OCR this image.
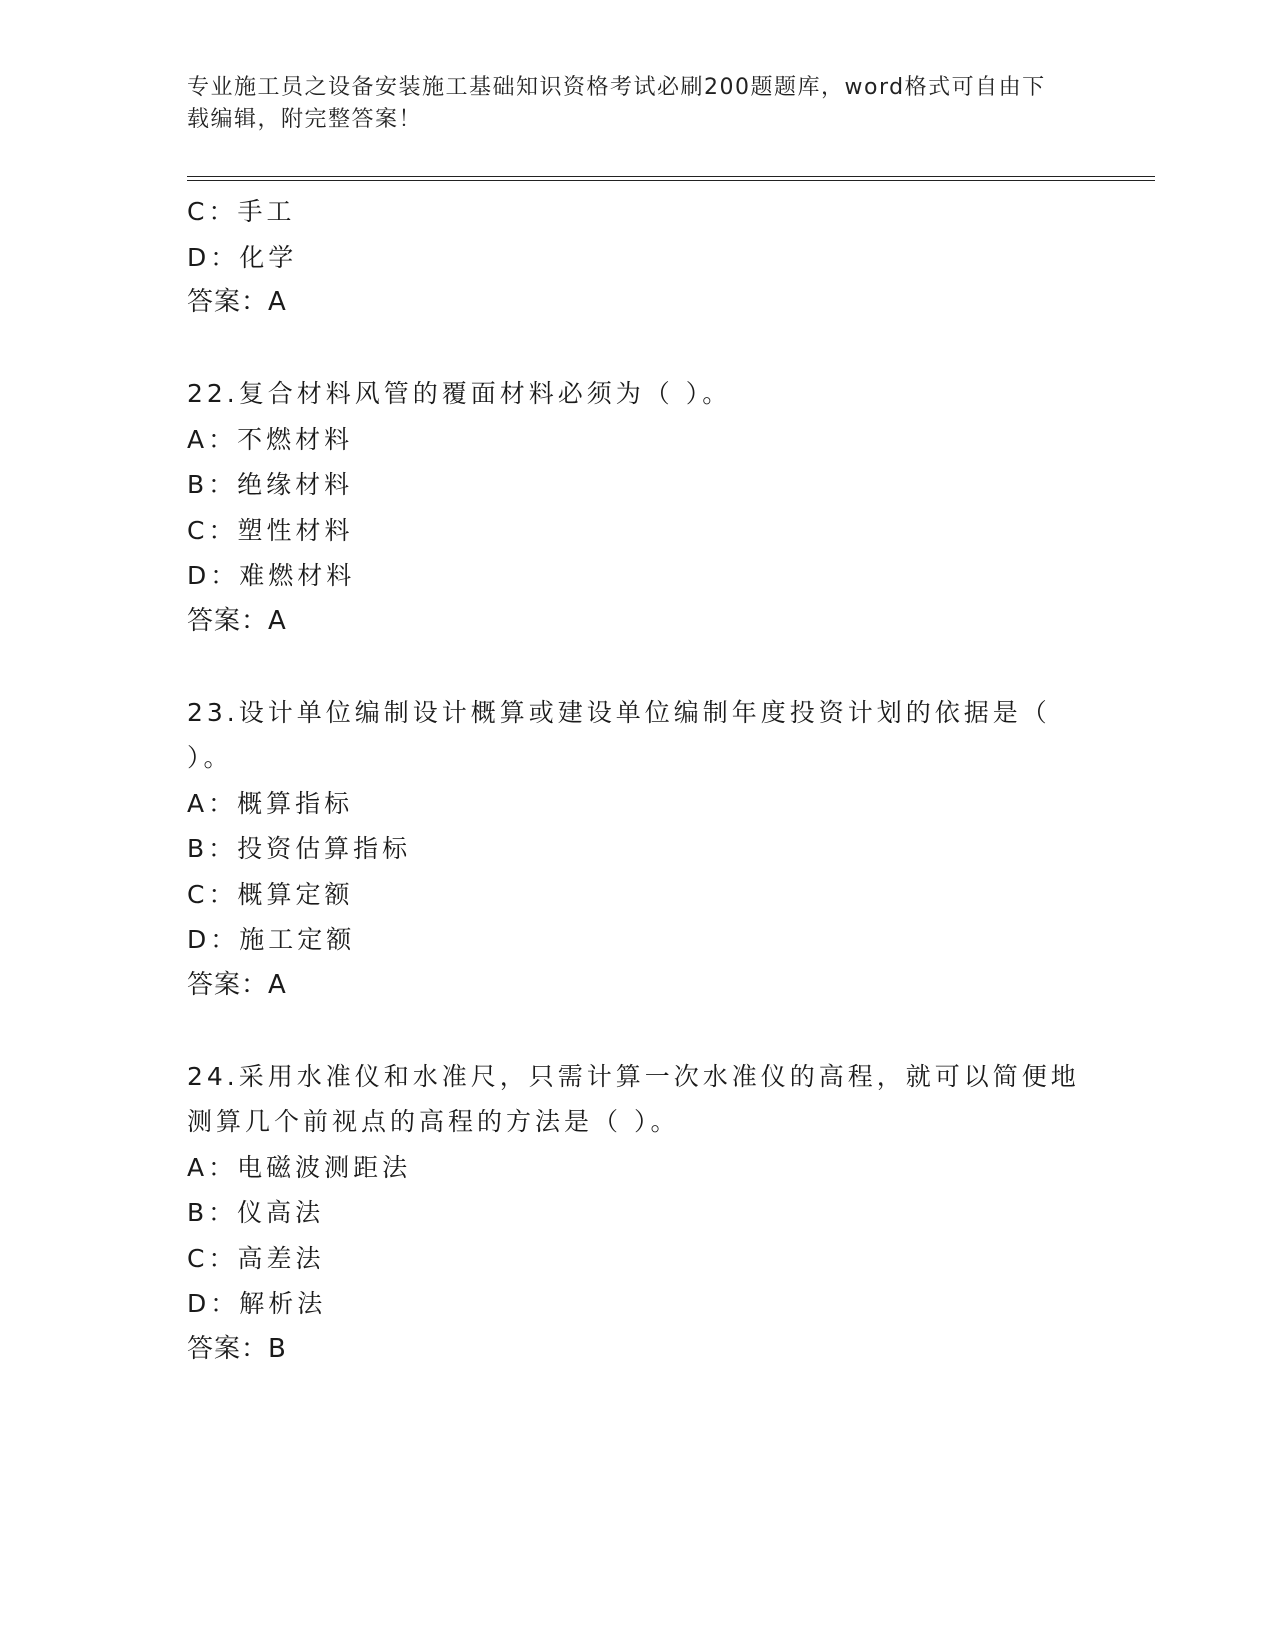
专业施工员之设备安装施工基础知识资格考试必刷200题题库，word格式可自由下载编辑，附完整答案！
C：手工
D：化学
答案：A
22.复合材料风管的覆面材料必须为（ ）。
A：不燃材料
B：绝缘材料
C：塑性材料
D：难燃材料
答案：A
23.设计单位编制设计概算或建设单位编制年度投资计划的依据是（
）。
A：概算指标
B：投资估算指标
C：概算定额
D：施工定额
答案：A
24.采用水准仪和水准尺，只需计算一次水准仪的高程，就可以简便地
测算几个前视点的高程的方法是（ ）。
A：电磁波测距法
B：仪高法
C：高差法
D：解析法
答案：B
